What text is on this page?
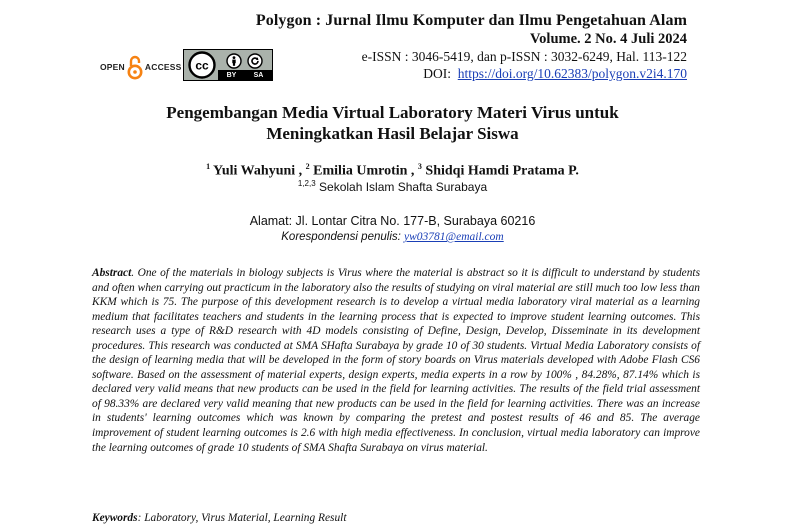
OPEN ACCESS cc
BY SA
Polygon : Jurnal Ilmu Komputer dan Ilmu Pengetahuan Alam
Volume. 2 No. 4 Juli 2024
e-ISSN : 3046-5419, dan p-ISSN : 3032-6249, Hal. 113-122
DOI: https://doi.org/10.62383/polygon.v2i4.170
Pengembangan Media Virtual Laboratory Materi Virus untuk
Meningkatkan Hasil Belajar Siswa
$^1$ Yuli Wahyuni , $^2$ Emilia Umrotin , $^3$ Shidqi Hamdi Pratama P.
$^{1,2,3}$ Sekolah Islam Shafta Surabaya
Alamat: Jl. Lontar Citra No. 177-B, Surabaya 60216
Korespondensi penulis: yw03781@email.com
Abstract. One of the materials in biology subjects is Virus where the material is abstract so it is difficult to understand by students and often when carrying out practicum in the laboratory also the results of studying on viral material are still much too low less than KKM which is 75. The purpose of this development research is to develop a virtual media laboratory viral material as a learning medium that facilitates teachers and students in the learning process that is expected to improve student learning outcomes. This research uses a type of R&D research with 4D models consisting of Define, Design, Develop, Disseminate in its development procedures. This research was conducted at SMA SHafta Surabaya by grade 10 of 30 students. Virtual Media Laboratory consists of the design of learning media that will be developed in the form of story boards on Virus materials developed with Adobe Flash CS6 software. Based on the assessment of material experts, design experts, media experts in a row by 100% , 84.28%, 87.14% which is declared very valid means that new products can be used in the field for learning activities. The results of the field trial assessment of 98.33% are declared very valid meaning that new products can be used in the field for learning activities. There was an increase in students' learning outcomes which was known by comparing the pretest and postest results of 46 and 85. The average improvement of student learning outcomes is 2.6 with high media effectiveness. In conclusion, virtual media laboratory can improve the learning outcomes of grade 10 students of SMA Shafta Surabaya on virus material.
Keywords: Laboratory, Virus Material, Learning Result
